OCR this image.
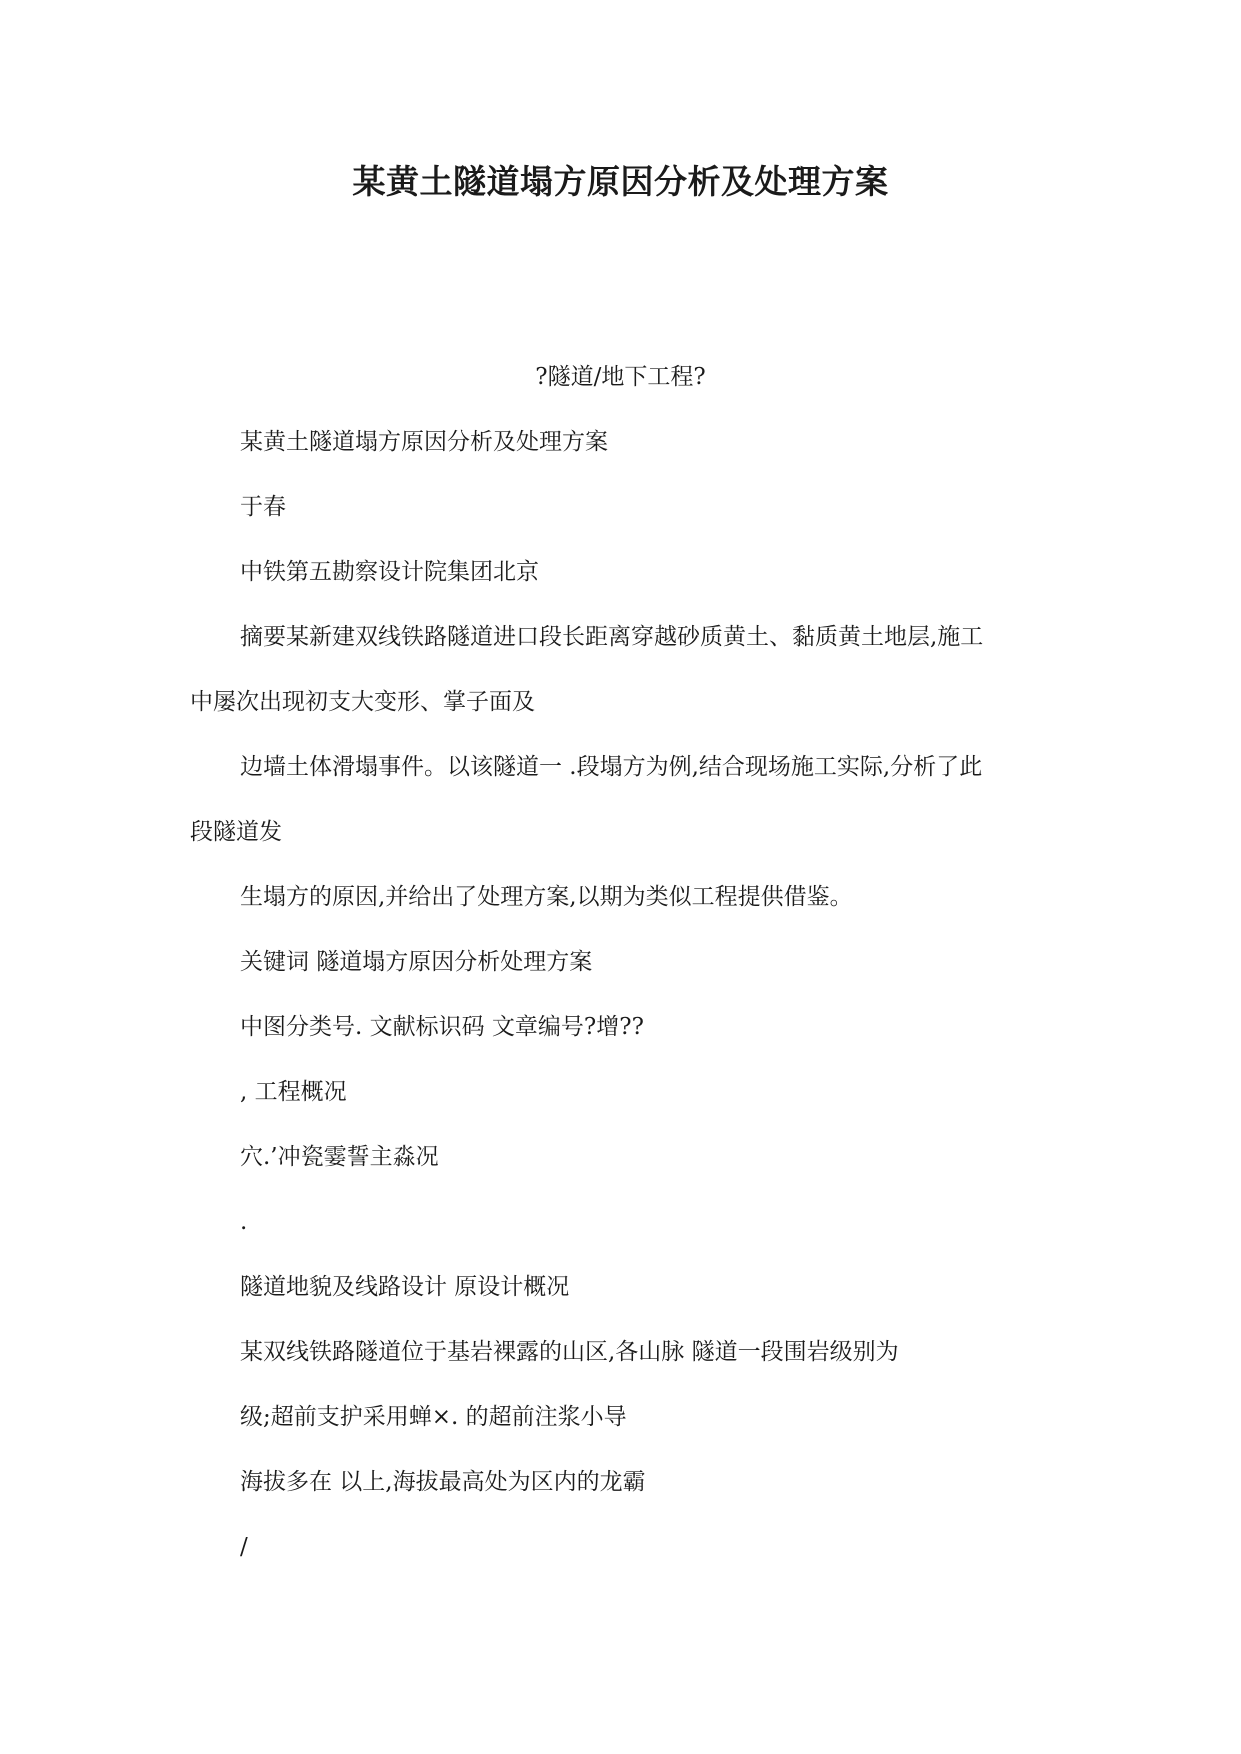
某黄土隧道塌方原因分析及处理方案
?隧道/地下工程?
某黄土隧道塌方原因分析及处理方案
于春
中铁第五勘察设计院集团北京
摘要某新建双线铁路隧道进口段长距离穿越砂质黄土、黏质黄土地层,施工
中屡次出现初支大变形、掌子面及
边墙土体滑塌事件。以该隧道一 .段塌方为例,结合现场施工实际,分析了此
段隧道发
生塌方的原因,并给出了处理方案,以期为类似工程提供借鉴。
关键词 隧道塌方原因分析处理方案
中图分类号. 文献标识码 文章编号?增??
, 工程概况
穴.’冲瓷霎誓主淼况
.
隧道地貌及线路设计 原设计概况
某双线铁路隧道位于基岩裸露的山区,各山脉 隧道一段围岩级别为
级;超前支护采用蝉×. 的超前注浆小导
海拔多在 以上,海拔最高处为区内的龙霸
/
